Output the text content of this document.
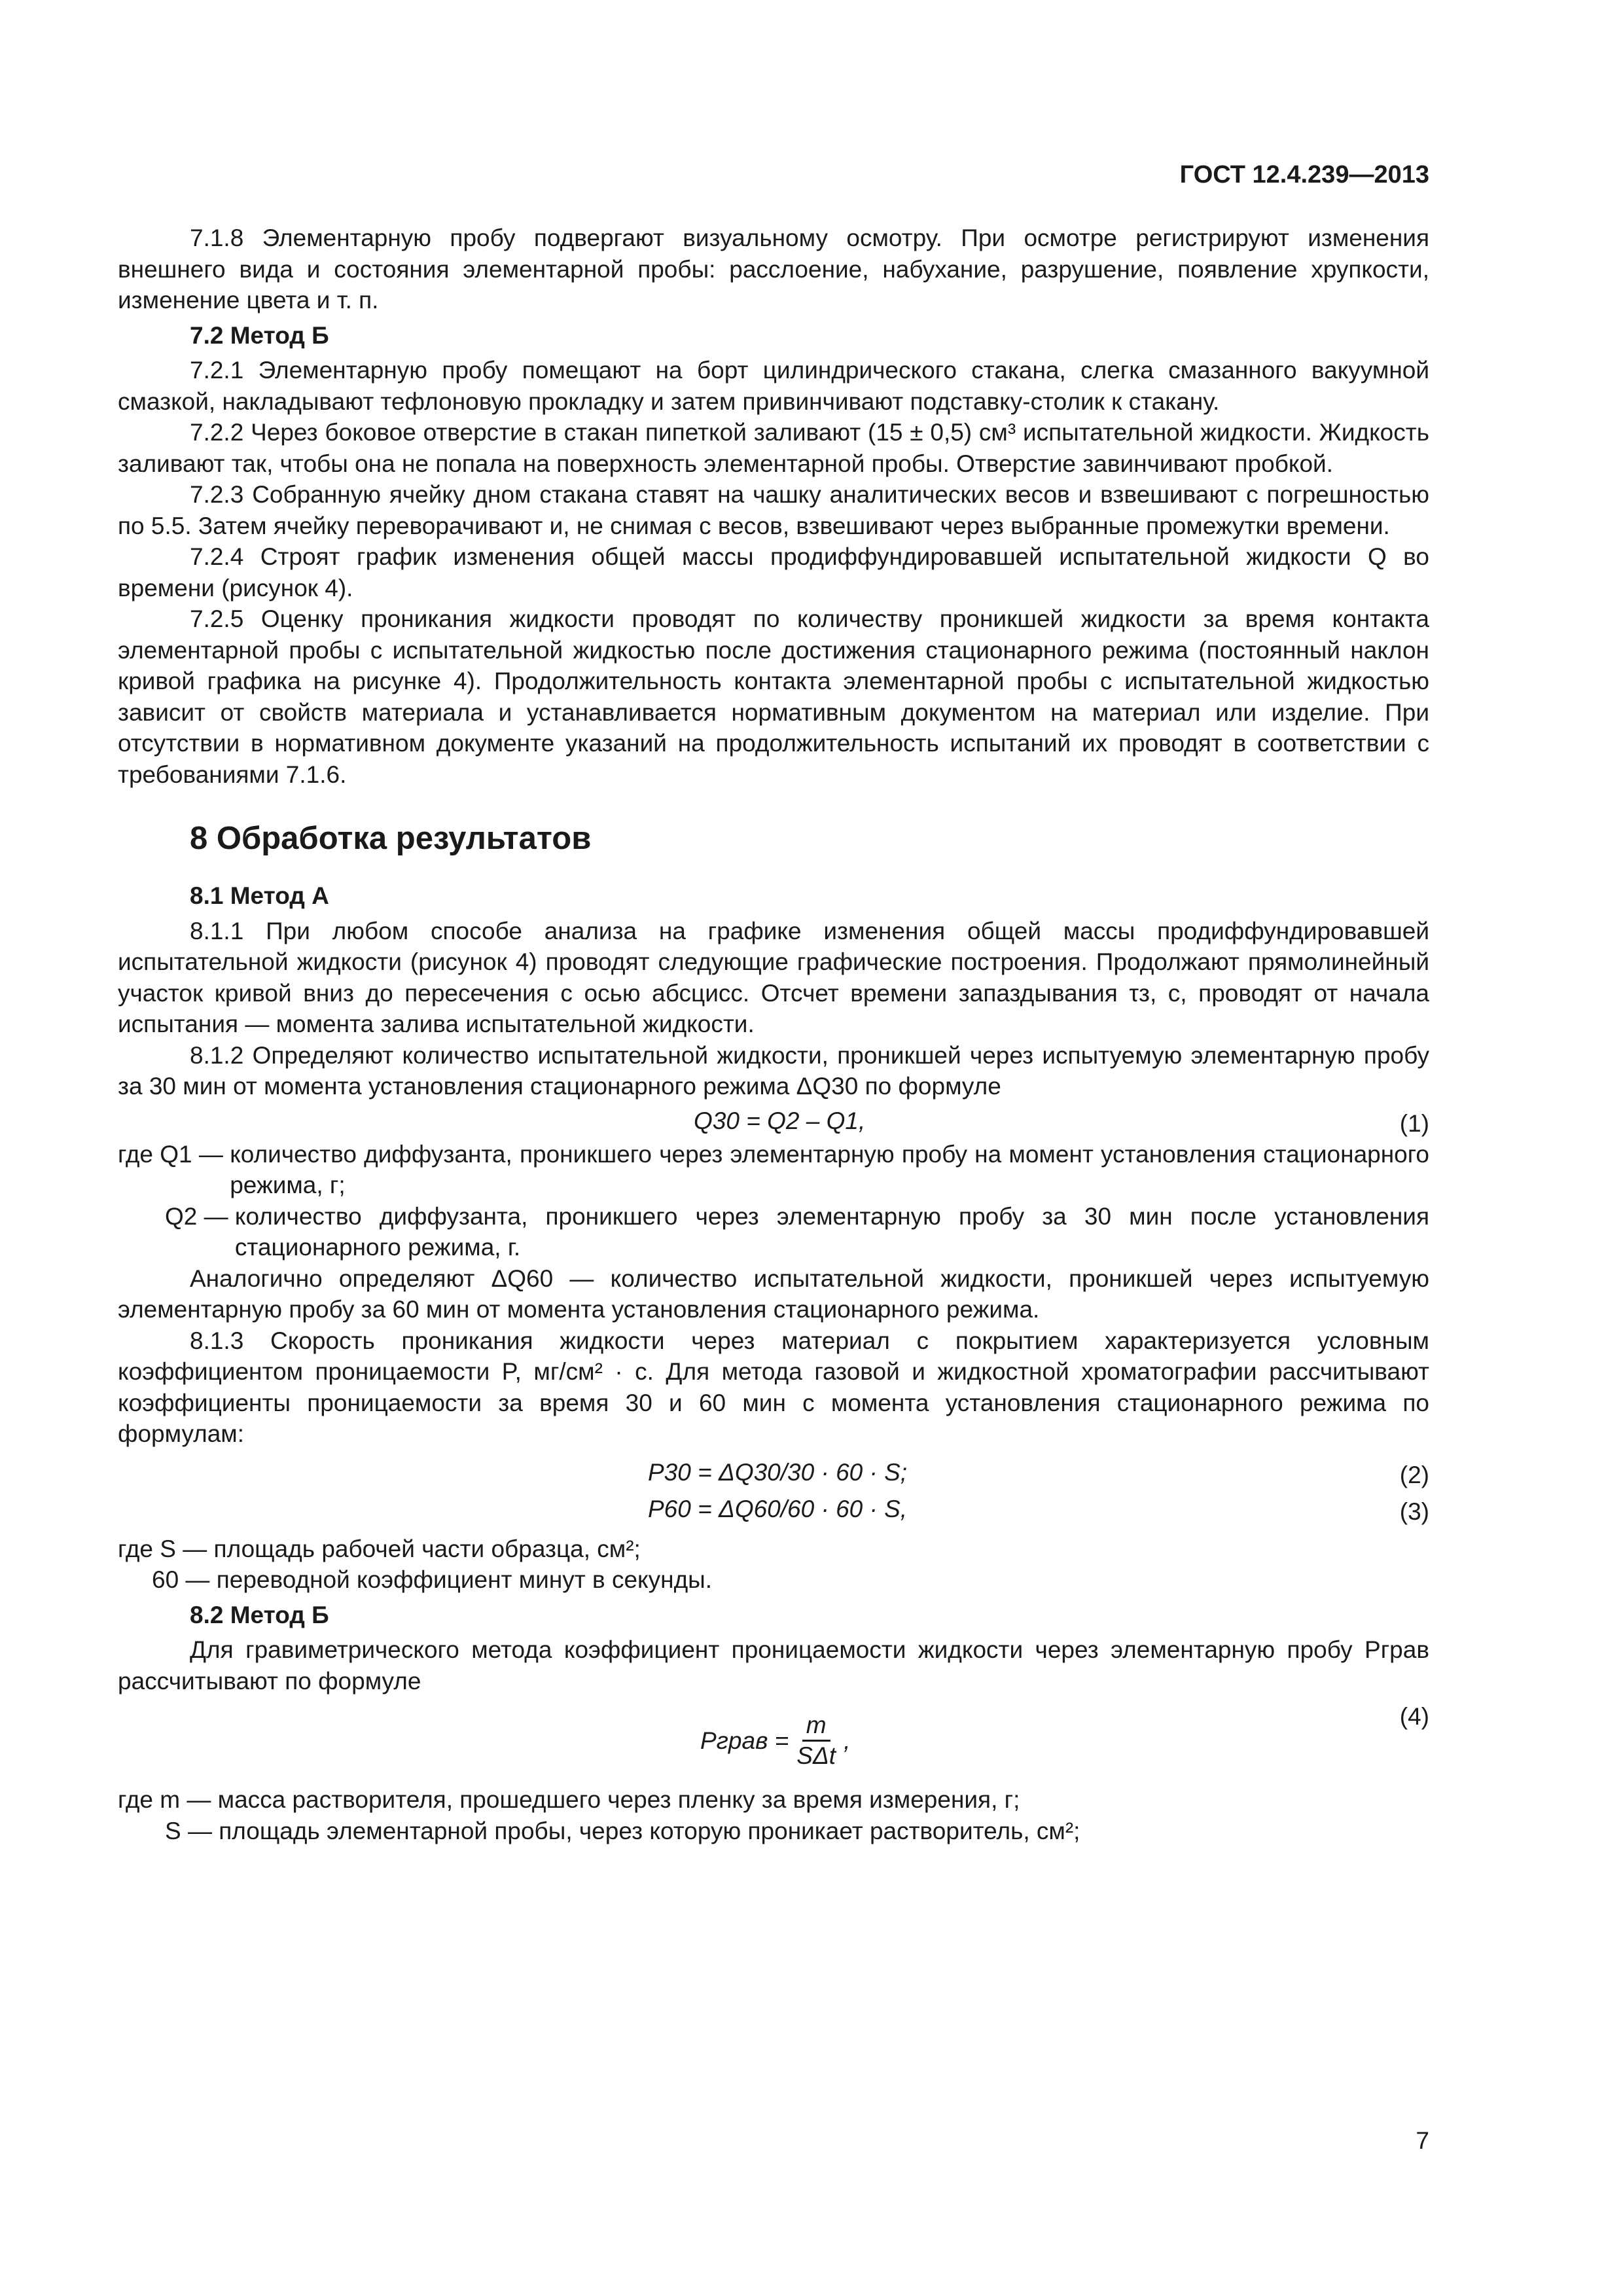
ГОСТ 12.4.239—2013

7.1.8 Элементарную пробу подвергают визуальному осмотру. При осмотре регистрируют изменения внешнего вида и состояния элементарной пробы: расслоение, набухание, разрушение, появление хрупкости, изменение цвета и т. п.

7.2 Метод Б

7.2.1 Элементарную пробу помещают на борт цилиндрического стакана, слегка смазанного вакуумной смазкой, накладывают тефлоновую прокладку и затем привинчивают подставку-столик к стакану.

7.2.2 Через боковое отверстие в стакан пипеткой заливают (15 ± 0,5) см³ испытательной жидкости. Жидкость заливают так, чтобы она не попала на поверхность элементарной пробы. Отверстие завинчивают пробкой.

7.2.3 Собранную ячейку дном стакана ставят на чашку аналитических весов и взвешивают с погрешностью по 5.5. Затем ячейку переворачивают и, не снимая с весов, взвешивают через выбранные промежутки времени.

7.2.4 Строят график изменения общей массы продиффундировавшей испытательной жидкости Q во времени (рисунок 4).

7.2.5 Оценку проникания жидкости проводят по количеству проникшей жидкости за время контакта элементарной пробы с испытательной жидкостью после достижения стационарного режима (постоянный наклон кривой графика на рисунке 4). Продолжительность контакта элементарной пробы с испытательной жидкостью зависит от свойств материала и устанавливается нормативным документом на материал или изделие. При отсутствии в нормативном документе указаний на продолжительность испытаний их проводят в соответствии с требованиями 7.1.6.

8 Обработка результатов

8.1 Метод А

8.1.1 При любом способе анализа на графике изменения общей массы продиффундировавшей испытательной жидкости (рисунок 4) проводят следующие графические построения. Продолжают прямолинейный участок кривой вниз до пересечения с осью абсцисс. Отсчет времени запаздывания τз, с, проводят от начала испытания — момента залива испытательной жидкости.

8.1.2 Определяют количество испытательной жидкости, проникшей через испытуемую элементарную пробу за 30 мин от момента установления стационарного режима ΔQ30 по формуле

Q30 = Q2 – Q1,	(1)
где Q1 —
количество диффузанта, проникшего через элементарную пробу на момент установления стационарного режима, г;
Q2 —
количество диффузанта, проникшего через элементарную пробу за 30 мин после установления стационарного режима, г.

Аналогично определяют ΔQ60 — количество испытательной жидкости, проникшей через испытуемую элементарную пробу за 60 мин от момента установления стационарного режима.

8.1.3 Скорость проникания жидкости через материал с покрытием характеризуется условным коэффициентом проницаемости P, мг/см² · с. Для метода газовой и жидкостной хроматографии рассчитывают коэффициенты проницаемости за время 30 и 60 мин с момента установления стационарного режима по формулам:

P30 = ΔQ30/30 · 60 · S;	(2)
P60 = ΔQ60/60 · 60 · S,	(3)
где S —
площадь рабочей части образца, см²;
60 —
переводной коэффициент минут в секунды.

8.2 Метод Б

Для гравиметрического метода коэффициент проницаемости жидкости через элементарную пробу Pграв рассчитывают по формуле

Pграв = $\frac{m}{\text{SΔt}}$ ,
(4)
где m —
масса растворителя, прошедшего через пленку за время измерения, г;
S —
площадь элементарной пробы, через которую проникает растворитель, см²;
7
